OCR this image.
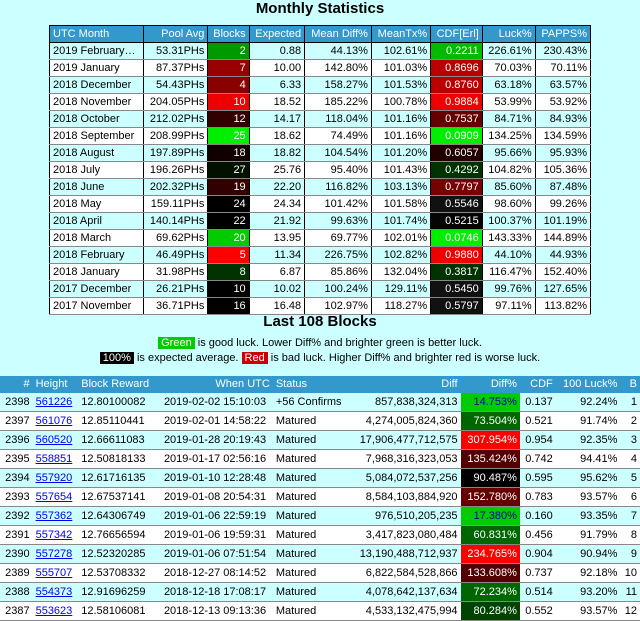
Monthly Statistics
UTC Month	Pool Avg	Blocks	Expected	Mean Diff%	MeanTx%	CDF[Erl]	Luck%	PAPPS%
2019 February…	53.31PHs	2	0.88	44.13%	102.61%	0.2211	226.61%	230.43%
2019 January	87.37PHs	7	10.00	142.80%	101.03%	0.8696	70.03%	70.11%
2018 December	54.43PHs	4	6.33	158.27%	101.53%	0.8760	63.18%	63.57%
2018 November	204.05PHs	10	18.52	185.22%	100.78%	0.9884	53.99%	53.92%
2018 October	212.02PHs	12	14.17	118.04%	101.16%	0.7537	84.71%	84.93%
2018 September	208.99PHs	25	18.62	74.49%	101.16%	0.0909	134.25%	134.59%
2018 August	197.89PHs	18	18.82	104.54%	101.20%	0.6057	95.66%	95.93%
2018 July	196.26PHs	27	25.76	95.40%	101.43%	0.4292	104.82%	105.36%
2018 June	202.32PHs	19	22.20	116.82%	103.13%	0.7797	85.60%	87.48%
2018 May	159.11PHs	24	24.34	101.42%	101.58%	0.5546	98.60%	99.26%
2018 April	140.14PHs	22	21.92	99.63%	101.74%	0.5215	100.37%	101.19%
2018 March	69.62PHs	20	13.95	69.77%	102.01%	0.0746	143.33%	144.89%
2018 February	46.49PHs	5	11.34	226.75%	102.82%	0.9880	44.10%	44.93%
2018 January	31.98PHs	8	6.87	85.86%	132.04%	0.3817	116.47%	152.40%
2017 December	26.21PHs	10	10.02	100.24%	129.11%	0.5450	99.76%	127.65%
2017 November	36.71PHs	16	16.48	102.97%	118.27%	0.5797	97.11%	113.82%
Last 108 Blocks
Green is good luck. Lower Diff% and brighter green is better luck.
100% is expected average. Red is bad luck. Higher Diff% and brighter red is worse luck.
#	Height	Block Reward	When UTC	Status	Diff	Diff%	CDF	100 Luck%	B
2398	561226	12.80100082	2019-02-02 15:10:03	+56 Confirms	857,838,324,313	14.753%	0.137	92.24%	1
2397	561076	12.85110441	2019-02-01 14:58:22	Matured	4,274,005,824,360	73.504%	0.521	91.74%	2
2396	560520	12.66611083	2019-01-28 20:19:43	Matured	17,906,477,712,575	307.954%	0.954	92.35%	3
2395	558851	12.50818133	2019-01-17 02:56:16	Matured	7,968,316,323,053	135.424%	0.742	94.41%	4
2394	557920	12.61716135	2019-01-10 12:28:48	Matured	5,084,072,537,256	90.487%	0.595	95.62%	5
2393	557654	12.67537141	2019-01-08 20:54:31	Matured	8,584,103,884,920	152.780%	0.783	93.57%	6
2392	557362	12.64306749	2019-01-06 22:59:19	Matured	976,510,205,235	17.380%	0.160	93.35%	7
2391	557342	12.76656594	2019-01-06 19:59:31	Matured	3,417,823,080,484	60.831%	0.456	91.79%	8
2390	557278	12.52320285	2019-01-06 07:51:54	Matured	13,190,488,712,937	234.765%	0.904	90.94%	9
2389	555707	12.53708332	2018-12-27 08:14:52	Matured	6,822,584,528,866	133.608%	0.737	92.18%	10
2388	554373	12.91696259	2018-12-18 17:08:17	Matured	4,078,642,137,634	72.234%	0.514	93.20%	11
2387	553623	12.58106081	2018-12-13 09:13:36	Matured	4,533,132,475,994	80.284%	0.552	93.57%	12
